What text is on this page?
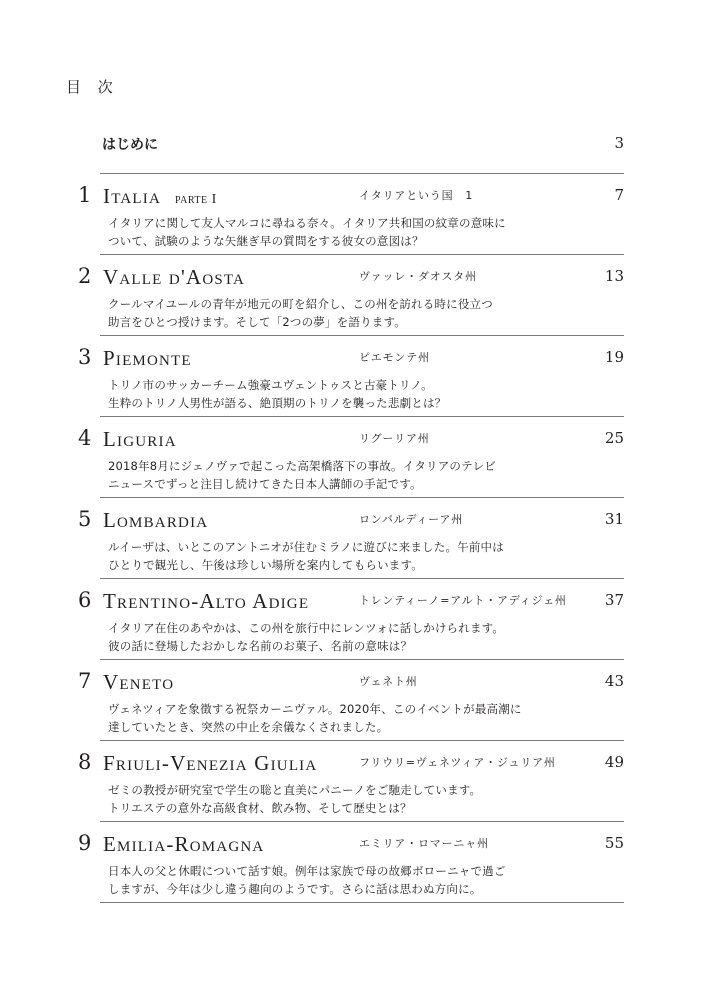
目 次
はじめに	3
1 Italia parte I	イタリアという国　1	7
イタリアに関して友人マルコに尋ねる奈々。イタリア共和国の紋章の意味に
ついて、試験のような矢継ぎ早の質問をする彼女の意図は？
2 Valle d'Aosta	ヴァッレ・ダオスタ州	13
クールマイユールの青年が地元の町を紹介し、この州を訪れる時に役立つ
助言をひとつ授けます。そして「2つの夢」を語ります。
3 Piemonte	ピエモンテ州	19
トリノ市のサッカーチーム強豪ユヴェントゥスと古豪トリノ。
生粋のトリノ人男性が語る、絶頂期のトリノを襲った悲劇とは？
4 Liguria	リグーリア州	25
2018年8月にジェノヴァで起こった高架橋落下の事故。イタリアのテレビ
ニュースでずっと注目し続けてきた日本人講師の手記です。
5 Lombardia	ロンバルディーア州	31
ルイーザは、いとこのアントニオが住むミラノに遊びに来ました。午前中は
ひとりで観光し、午後は珍しい場所を案内してもらいます。
6 Trentino-Alto Adige	トレンティーノ=アルト・アディジェ州	37
イタリア在住のあやかは、この州を旅行中にレンツォに話しかけられます。
彼の話に登場したおかしな名前のお菓子、名前の意味は？
7 Veneto	ヴェネト州	43
ヴェネツィアを象徴する祝祭カーニヴァル。2020年、このイベントが最高潮に
達していたとき、突然の中止を余儀なくされました。
8 Friuli-Venezia Giulia	フリウリ=ヴェネツィア・ジュリア州	49
ゼミの教授が研究室で学生の聡と直美にパニーノをご馳走しています。
トリエステの意外な高級食材、飲み物、そして歴史とは？
9 Emilia-Romagna	エミリア・ロマーニャ州	55
日本人の父と休暇について話す娘。例年は家族で母の故郷ボローニャで過ご
しますが、今年は少し違う趣向のようです。さらに話は思わぬ方向に。
